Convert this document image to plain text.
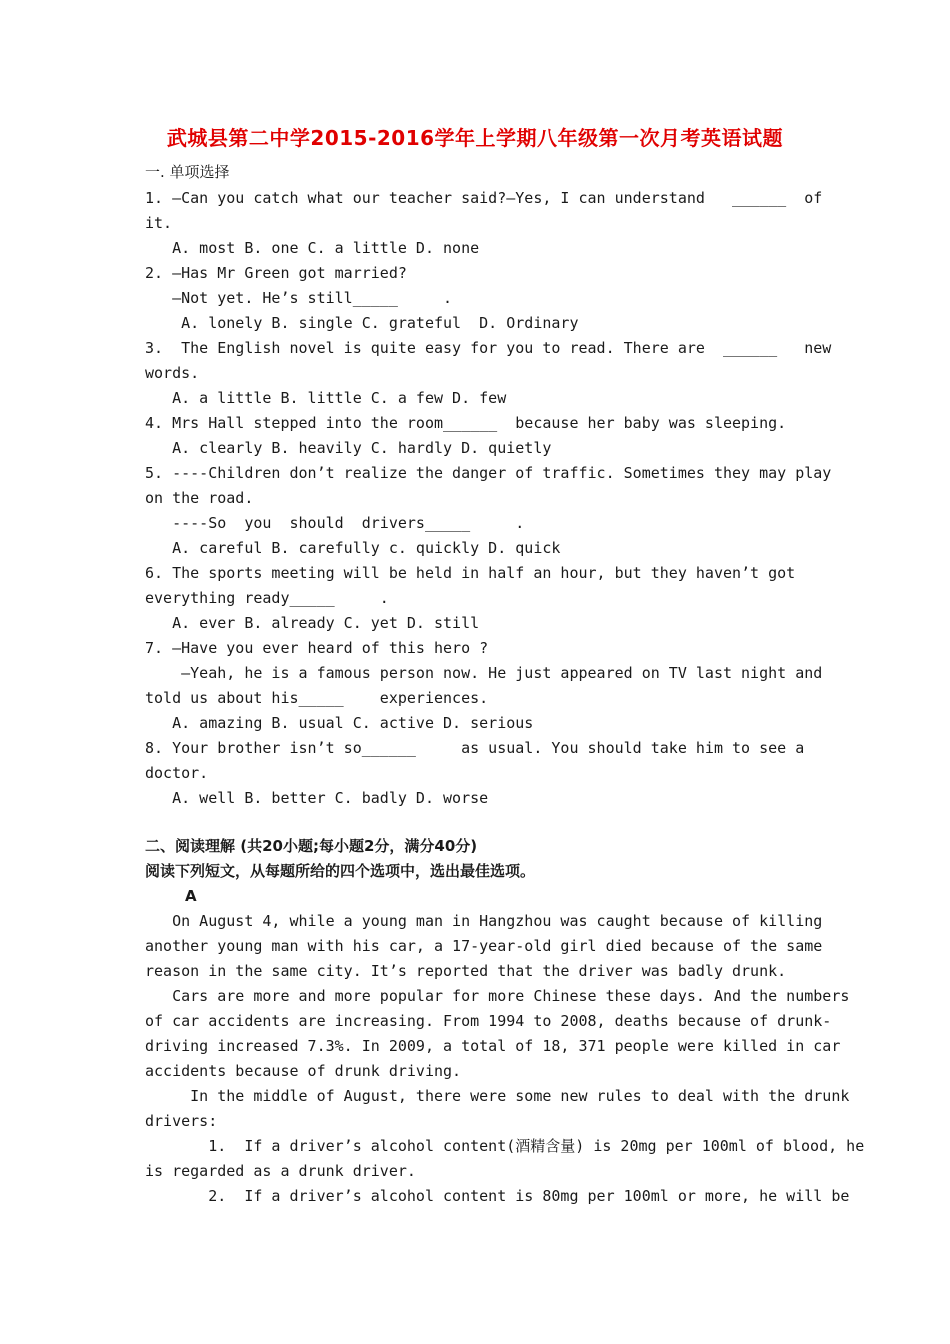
武城县第二中学2015-2016学年上学期八年级第一次月考英语试题
一. 单项选择
1. —Can you catch what our teacher said?—Yes, I can understand   ______  of
it.
A. most B. one C. a little D. none
2. —Has Mr Green got married?
—Not yet. He’s still_____     .
A. lonely B. single C. grateful  D. Ordinary
3.  The English novel is quite easy for you to read. There are  ______   new
words.
A. a little B. little C. a few D. few
4. Mrs Hall stepped into the room______  because her baby was sleeping.
A. clearly B. heavily C. hardly D. quietly
5. ----Children don’t realize the danger of traffic. Sometimes they may play
on the road.
----So  you  should  drivers_____     .
A. careful B. carefully c. quickly D. quick
6. The sports meeting will be held in half an hour, but they haven’t got
everything ready_____     .
A. ever B. already C. yet D. still
7. —Have you ever heard of this hero ?
—Yeah, he is a famous person now. He just appeared on TV last night and
told us about his_____    experiences.
A. amazing B. usual C. active D. serious
8. Your brother isn’t so______     as usual. You should take him to see a
doctor.
A. well B. better C. badly D. worse
二、阅读理解 (共20小题;每小题2分，满分40分)
阅读下列短文，从每题所给的四个选项中，选出最佳选项。
A
On August 4, while a young man in Hangzhou was caught because of killing
another young man with his car, a 17-year-old girl died because of the same
reason in the same city. It’s reported that the driver was badly drunk.
Cars are more and more popular for more Chinese these days. And the numbers
of car accidents are increasing. From 1994 to 2008, deaths because of drunk-
driving increased 7.3%. In 2009, a total of 18, 371 people were killed in car
accidents because of drunk driving.
In the middle of August, there were some new rules to deal with the drunk
drivers:
1.  If a driver’s alcohol content(酒精含量) is 20mg per 100ml of blood, he
is regarded as a drunk driver.
2.  If a driver’s alcohol content is 80mg per 100ml or more, he will be
